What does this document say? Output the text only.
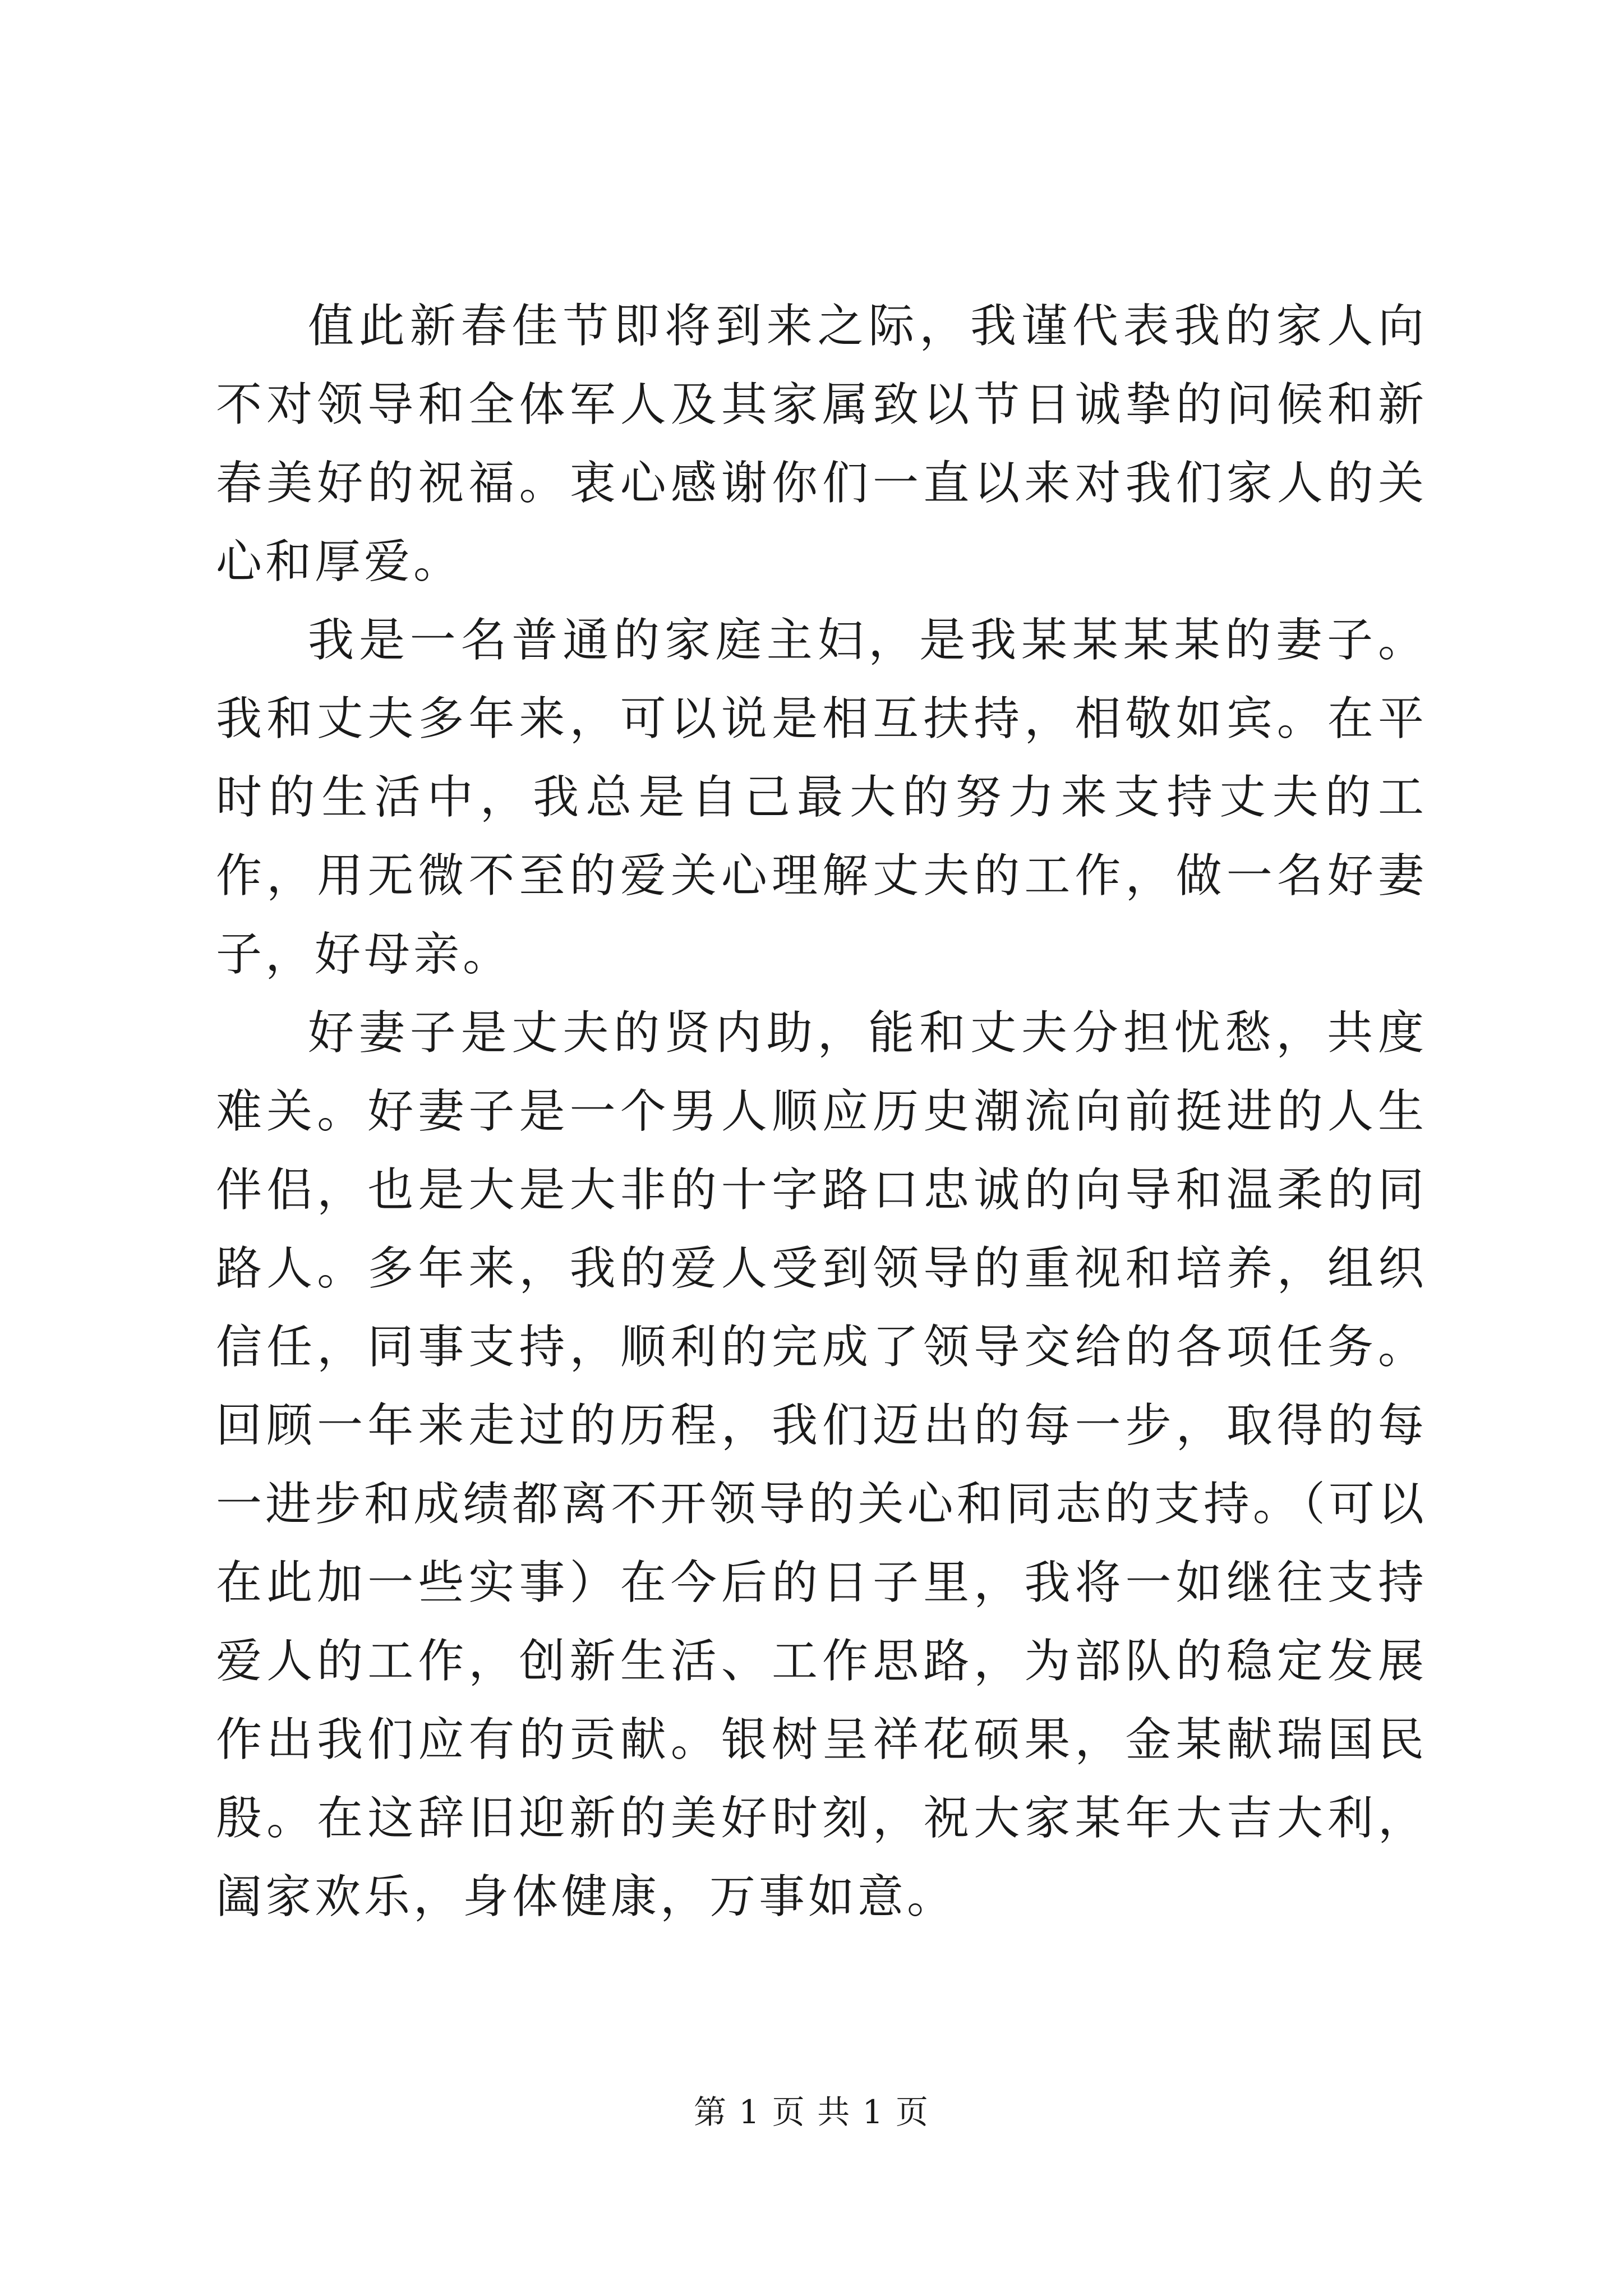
值此新春佳节即将到来之际，我谨代表我的家人向不对领导和全体军人及其家属致以节日诚挚的问候和新春美好的祝福。衷心感谢你们一直以来对我们家人的关心和厚爱。

我是一名普通的家庭主妇，是我某某某某的妻子。我和丈夫多年来，可以说是相互扶持，相敬如宾。在平时的生活中，我总是自己最大的努力来支持丈夫的工作，用无微不至的爱关心理解丈夫的工作，做一名好妻子，好母亲。

好妻子是丈夫的贤内助，能和丈夫分担忧愁，共度难关。好妻子是一个男人顺应历史潮流向前挺进的人生伴侣，也是大是大非的十字路口忠诚的向导和温柔的同路人。多年来，我的爱人受到领导的重视和培养，组织信任，同事支持，顺利的完成了领导交给的各项任务。回顾一年来走过的历程，我们迈出的每一步，取得的每一进步和成绩都离不开领导的关心和同志的支持。（可以在此加一些实事）在今后的日子里，我将一如继往支持爱人的工作，创新生活、工作思路，为部队的稳定发展作出我们应有的贡献。银树呈祥花硕果，金某献瑞国民殷。在这辞旧迎新的美好时刻，祝大家某年大吉大利，阖家欢乐，身体健康，万事如意。

第 1 页 共 1 页
